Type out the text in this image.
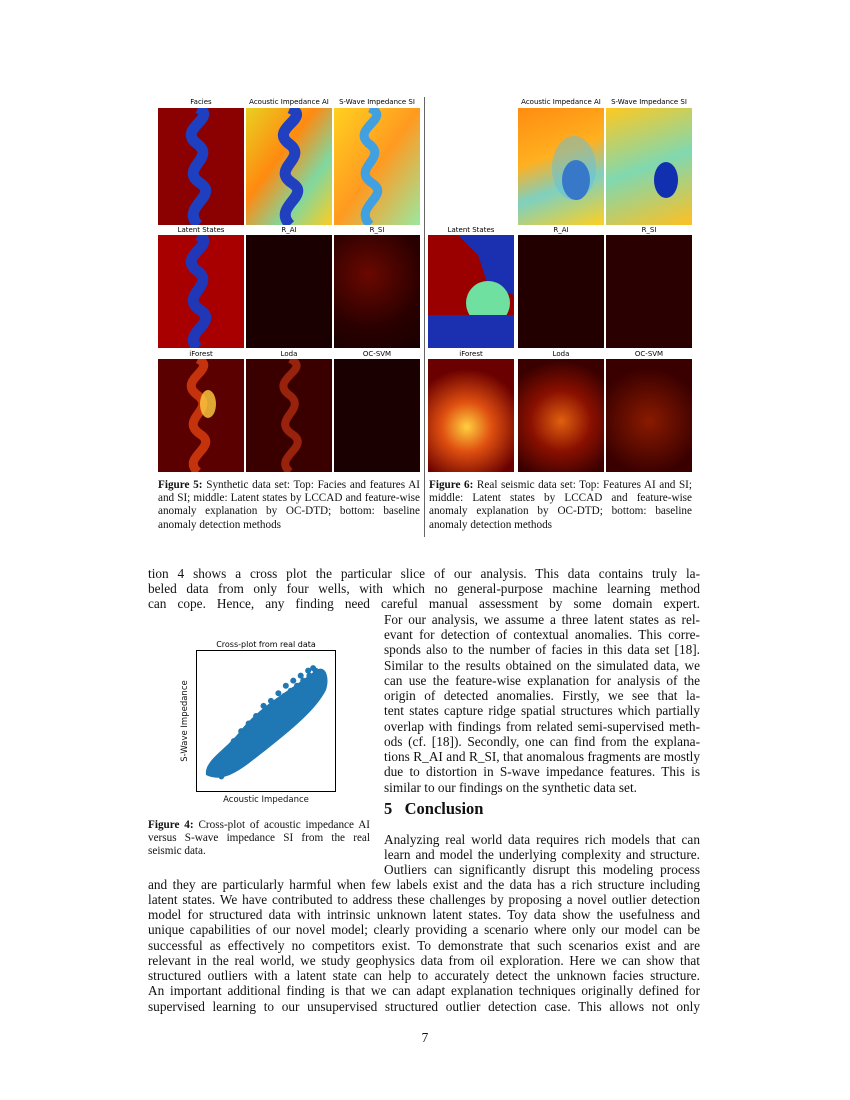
Facies	Acoustic Impedance AI	S-Wave Impedance SI
Latent States	R_AI	R_SI
iForest	Loda	OC-SVM
Acoustic Impedance AI	S-Wave Impedance SI
Latent States	R_AI	R_SI
iForest	Loda	OC-SVM
Figure 5: Synthetic data set: Top: Facies and features AI and SI; middle: Latent states by LCCAD and feature-wise anomaly explanation by OC-DTD; bottom: baseline anomaly detection methods
Figure 6: Real seismic data set: Top: Features AI and SI; middle: Latent states by LCCAD and feature-wise anomaly explanation by OC-DTD; bottom: baseline anomaly detection methods
tion 4 shows a cross plot the particular slice of our analysis. This data contains truly la-
beled data from only four wells, with which no general-purpose machine learning method
can cope. Hence, any finding need careful manual assessment by some domain expert.
For our analysis, we assume a three latent states as rel-
evant for detection of contextual anomalies. This corre-
sponds also to the number of facies in this data set [18].
Similar to the results obtained on the simulated data, we
can use the feature-wise explanation for analysis of the
origin of detected anomalies. Firstly, we see that la-
tent states capture ridge spatial structures which partially
overlap with findings from related semi-supervised meth-
ods (cf. [18]). Secondly, one can find from the explana-
tions R_AI and R_SI, that anomalous fragments are mostly
due to distortion in S-wave impedance features. This is
similar to our findings on the synthetic data set.
Cross-plot from real data
Acoustic Impedance
S-Wave Impedance
Figure 4: Cross-plot of acoustic impedance AI versus S-wave impedance SI from the real seismic data.
5 Conclusion
Analyzing real world data requires rich models that can
learn and model the underlying complexity and structure.
Outliers can significantly disrupt this modeling process
and they are particularly harmful when few labels exist and the data has a rich structure including
latent states. We have contributed to address these challenges by proposing a novel outlier detection
model for structured data with intrinsic unknown latent states. Toy data show the usefulness and
unique capabilities of our novel model; clearly providing a scenario where only our model can be
successful as effectively no competitors exist. To demonstrate that such scenarios exist and are
relevant in the real world, we study geophysics data from oil exploration. Here we can show that
structured outliers with a latent state can help to accurately detect the unknown facies structure.
An important additional finding is that we can adapt explanation techniques originally defined for
supervised learning to our unsupervised structured outlier detection case. This allows not only
7
